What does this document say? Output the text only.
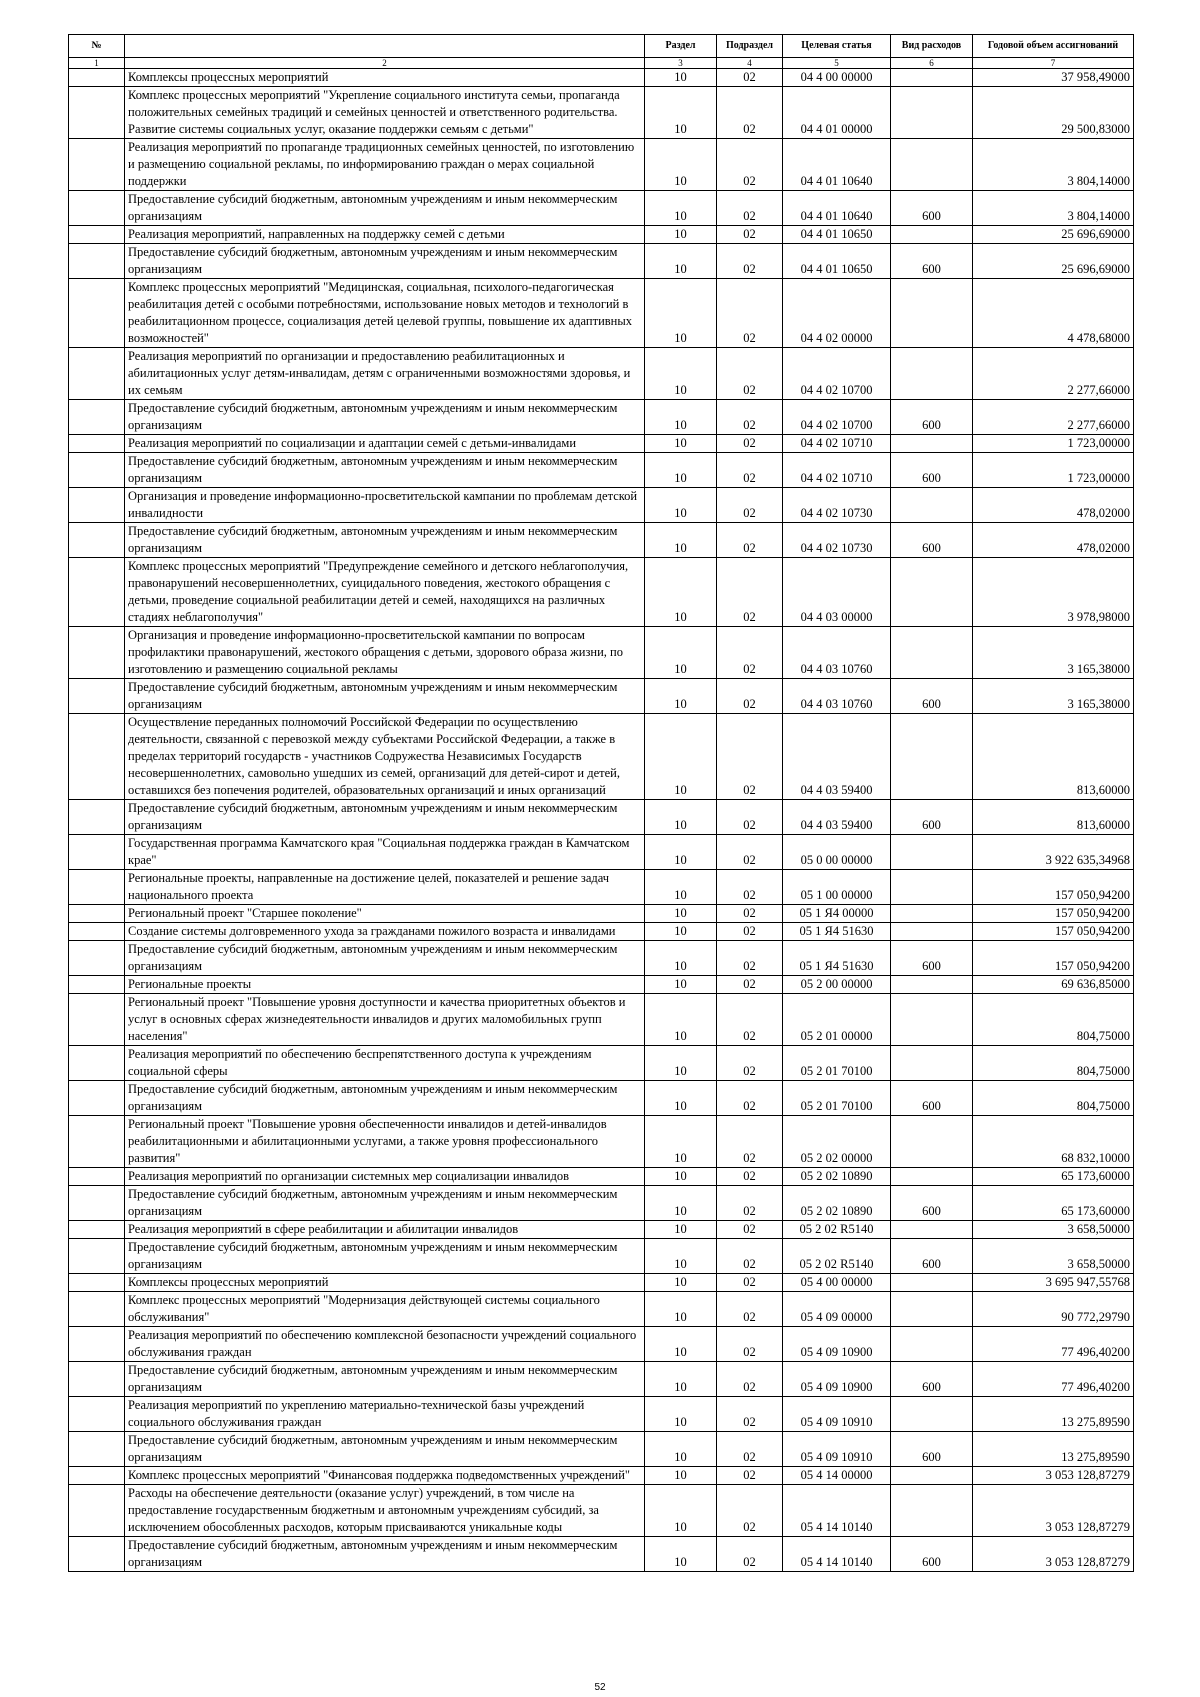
№		Раздел	Подраздел	Целевая статья	Вид расходов	Годовой объем ассигнований
1	2	3	4	5	6	7
	Комплексы процессных мероприятий	10	02	04 4 00 00000		37 958,49000
	Комплекс процессных мероприятий "Укрепление социального института семьи, пропаганда положительных семейных традиций и семейных ценностей и ответственного родительства. Развитие системы социальных услуг, оказание поддержки семьям с детьми"	10	02	04 4 01 00000		29 500,83000
	Реализация мероприятий по пропаганде традиционных семейных ценностей, по изготовлению и размещению социальной рекламы, по информированию граждан о мерах социальной поддержки	10	02	04 4 01 10640		3 804,14000
	Предоставление субсидий бюджетным, автономным учреждениям и иным некоммерческим организациям	10	02	04 4 01 10640	600	3 804,14000
	Реализация мероприятий, направленных на поддержку семей с детьми	10	02	04 4 01 10650		25 696,69000
	Предоставление субсидий бюджетным, автономным учреждениям и иным некоммерческим организациям	10	02	04 4 01 10650	600	25 696,69000
	Комплекс процессных мероприятий "Медицинская, социальная, психолого-педагогическая реабилитация детей с особыми потребностями, использование новых методов и технологий в реабилитационном процессе, социализация детей целевой группы, повышение их адаптивных возможностей"	10	02	04 4 02 00000		4 478,68000
	Реализация мероприятий по организации и предоставлению реабилитационных и абилитационных услуг детям-инвалидам, детям с ограниченными возможностями здоровья, и их семьям	10	02	04 4 02 10700		2 277,66000
	Предоставление субсидий бюджетным, автономным учреждениям и иным некоммерческим организациям	10	02	04 4 02 10700	600	2 277,66000
	Реализация мероприятий по социализации и адаптации семей с детьми-инвалидами	10	02	04 4 02 10710		1 723,00000
	Предоставление субсидий бюджетным, автономным учреждениям и иным некоммерческим организациям	10	02	04 4 02 10710	600	1 723,00000
	Организация и проведение информационно-просветительской кампании по проблемам детской инвалидности	10	02	04 4 02 10730		478,02000
	Предоставление субсидий бюджетным, автономным учреждениям и иным некоммерческим организациям	10	02	04 4 02 10730	600	478,02000
	Комплекс процессных мероприятий "Предупреждение семейного и детского неблагополучия, правонарушений несовершеннолетних, суицидального поведения, жестокого обращения с детьми, проведение социальной реабилитации детей и семей, находящихся на различных стадиях неблагополучия"	10	02	04 4 03 00000		3 978,98000
	Организация и проведение информационно-просветительской кампании по вопросам профилактики правонарушений, жестокого обращения с детьми, здорового образа жизни, по изготовлению и размещению социальной рекламы	10	02	04 4 03 10760		3 165,38000
	Предоставление субсидий бюджетным, автономным учреждениям и иным некоммерческим организациям	10	02	04 4 03 10760	600	3 165,38000
	Осуществление переданных полномочий Российской Федерации по осуществлению деятельности, связанной с перевозкой между субъектами Российской Федерации, а также в пределах территорий государств - участников Содружества Независимых Государств несовершеннолетних, самовольно ушедших из семей, организаций для детей-сирот и детей, оставшихся без попечения родителей, образовательных организаций и иных организаций	10	02	04 4 03 59400		813,60000
	Предоставление субсидий бюджетным, автономным учреждениям и иным некоммерческим организациям	10	02	04 4 03 59400	600	813,60000
	Государственная программа Камчатского края "Социальная поддержка граждан в Камчатском крае"	10	02	05 0 00 00000		3 922 635,34968
	Региональные проекты, направленные на достижение целей, показателей и решение задач национального проекта	10	02	05 1 00 00000		157 050,94200
	Региональный проект "Старшее поколение"	10	02	05 1 Я4 00000		157 050,94200
	Создание системы долговременного ухода за гражданами пожилого возраста и инвалидами	10	02	05 1 Я4 51630		157 050,94200
	Предоставление субсидий бюджетным, автономным учреждениям и иным некоммерческим организациям	10	02	05 1 Я4 51630	600	157 050,94200
	Региональные проекты	10	02	05 2 00 00000		69 636,85000
	Региональный проект "Повышение уровня доступности и качества приоритетных объектов и услуг в основных сферах жизнедеятельности инвалидов и других маломобильных групп населения"	10	02	05 2 01 00000		804,75000
	Реализация мероприятий по обеспечению беспрепятственного доступа к учреждениям социальной сферы	10	02	05 2 01 70100		804,75000
	Предоставление субсидий бюджетным, автономным учреждениям и иным некоммерческим организациям	10	02	05 2 01 70100	600	804,75000
	Региональный проект "Повышение уровня обеспеченности инвалидов и детей-инвалидов реабилитационными и абилитационными услугами, а также уровня профессионального развития"	10	02	05 2 02 00000		68 832,10000
	Реализация мероприятий по организации системных мер социализации инвалидов	10	02	05 2 02 10890		65 173,60000
	Предоставление субсидий бюджетным, автономным учреждениям и иным некоммерческим организациям	10	02	05 2 02 10890	600	65 173,60000
	Реализация мероприятий в сфере реабилитации и абилитации инвалидов	10	02	05 2 02 R5140		3 658,50000
	Предоставление субсидий бюджетным, автономным учреждениям и иным некоммерческим организациям	10	02	05 2 02 R5140	600	3 658,50000
	Комплексы процессных мероприятий	10	02	05 4 00 00000		3 695 947,55768
	Комплекс процессных мероприятий "Модернизация действующей системы социального обслуживания"	10	02	05 4 09 00000		90 772,29790
	Реализация мероприятий по обеспечению комплексной безопасности учреждений социального обслуживания граждан	10	02	05 4 09 10900		77 496,40200
	Предоставление субсидий бюджетным, автономным учреждениям и иным некоммерческим организациям	10	02	05 4 09 10900	600	77 496,40200
	Реализация мероприятий по укреплению материально-технической базы учреждений социального обслуживания граждан	10	02	05 4 09 10910		13 275,89590
	Предоставление субсидий бюджетным, автономным учреждениям и иным некоммерческим организациям	10	02	05 4 09 10910	600	13 275,89590
	Комплекс процессных мероприятий "Финансовая поддержка подведомственных учреждений"	10	02	05 4 14 00000		3 053 128,87279
	Расходы на обеспечение деятельности (оказание услуг) учреждений, в том числе на предоставление государственным бюджетным и автономным учреждениям субсидий, за исключением обособленных расходов, которым присваиваются уникальные коды	10	02	05 4 14 10140		3 053 128,87279
	Предоставление субсидий бюджетным, автономным учреждениям и иным некоммерческим организациям	10	02	05 4 14 10140	600	3 053 128,87279
52
